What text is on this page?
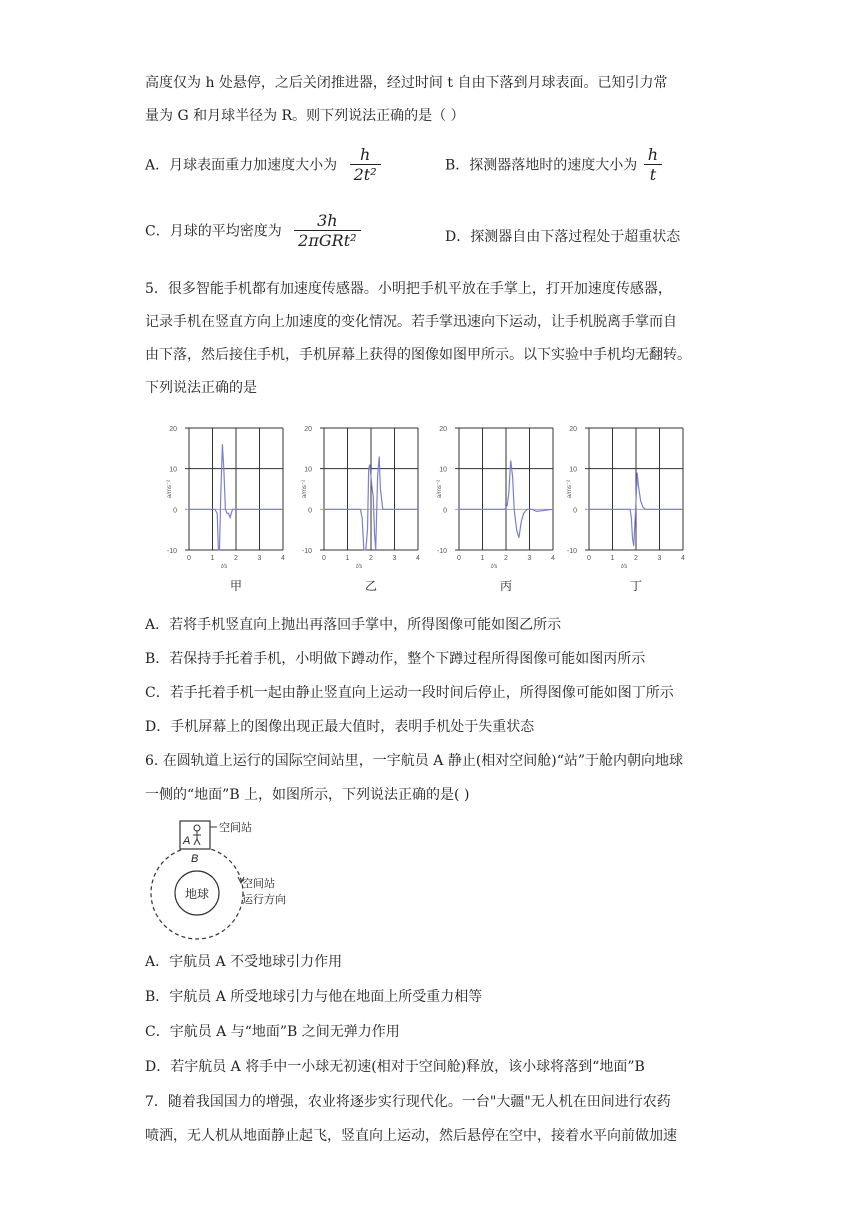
高度仅为 h 处悬停，之后关闭推进器，经过时间 t 自由下落到月球表面。已知引力常
量为 G 和月球半径为 R。则下列说法正确的是（ ）
A．月球表面重力加速度大小为 $\frac{h}{\text{2t²}}$	B．探测器落地时的速度大小为 $\frac{h}{t}$
C．月球的平均密度为 $\frac{3h}{\text{2πGRt²}}$	D．探测器自由下落过程处于超重状态
5．很多智能手机都有加速度传感器。小明把手机平放在手掌上，打开加速度传感器，
记录手机在竖直方向上加速度的变化情况。若手掌迅速向下运动，让手机脱离手掌而自
由下落，然后接住手机，手机屏幕上获得的图像如图甲所示。以下实验中手机均无翻转。
下列说法正确的是
0	1	2	3	4
20
10
0
-10
a/ms⁻²
t/s
甲
0	1	2	3	4
20
10
0
-10
a/ms⁻²
t/s
乙
0	1	2	3	4
20
10
0
-10
a/ms⁻²
t/s
丙
0	1	2	3	4
20
10
0
-10
a/ms⁻²
t/s
丁
A．若将手机竖直向上抛出再落回手掌中，所得图像可能如图乙所示
B．若保持手托着手机，小明做下蹲动作，整个下蹲过程所得图像可能如图丙所示
C．若手托着手机一起由静止竖直向上运动一段时间后停止，所得图像可能如图丁所示
D．手机屏幕上的图像出现正最大值时，表明手机处于失重状态
6. 在圆轨道上运行的国际空间站里，一宇航员 A 静止(相对空间舱)“站”于舱内朝向地球
一侧的“地面”B 上，如图所示，下列说法正确的是( )
地球
A
B
空间站
空间站
运行方向
A．宇航员 A 不受地球引力作用
B．宇航员 A 所受地球引力与他在地面上所受重力相等
C．宇航员 A 与“地面”B 之间无弹力作用
D．若宇航员 A 将手中一小球无初速(相对于空间舱)释放，该小球将落到“地面”B
7．随着我国国力的增强，农业将逐步实行现代化。一台"大疆"无人机在田间进行农药
喷洒，无人机从地面静止起飞，竖直向上运动，然后悬停在空中，接着水平向前做加速
